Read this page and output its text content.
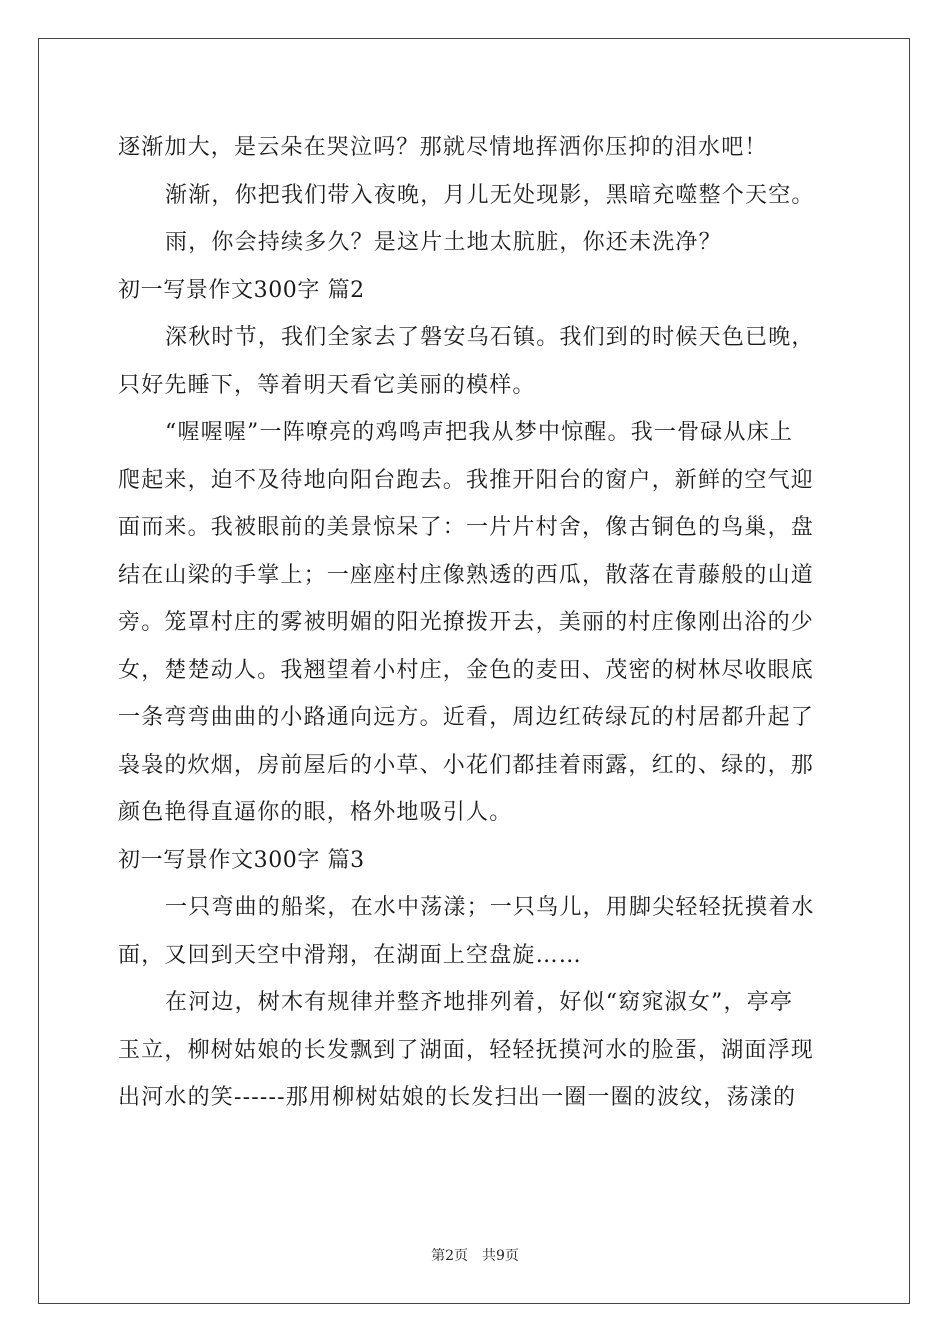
逐渐加大，是云朵在哭泣吗？那就尽情地挥洒你压抑的泪水吧！
渐渐，你把我们带入夜晚，月儿无处现影，黑暗充噬整个天空。
雨，你会持续多久？是这片土地太肮脏，你还未洗净？
初一写景作文300字 篇2
深秋时节，我们全家去了磐安乌石镇。我们到的时候天色已晚，
只好先睡下，等着明天看它美丽的模样。
“喔喔喔”一阵嘹亮的鸡鸣声把我从梦中惊醒。我一骨碌从床上
爬起来，迫不及待地向阳台跑去。我推开阳台的窗户，新鲜的空气迎
面而来。我被眼前的美景惊呆了：一片片村舍，像古铜色的鸟巢，盘
结在山梁的手掌上；一座座村庄像熟透的西瓜，散落在青藤般的山道
旁。笼罩村庄的雾被明媚的阳光撩拨开去，美丽的村庄像刚出浴的少
女，楚楚动人。我翘望着小村庄，金色的麦田、茂密的树林尽收眼底
一条弯弯曲曲的小路通向远方。近看，周边红砖绿瓦的村居都升起了
袅袅的炊烟，房前屋后的小草、小花们都挂着雨露，红的、绿的，那
颜色艳得直逼你的眼，格外地吸引人。
初一写景作文300字 篇3
一只弯曲的船桨，在水中荡漾；一只鸟儿，用脚尖轻轻抚摸着水
面，又回到天空中滑翔，在湖面上空盘旋……
在河边，树木有规律并整齐地排列着，好似“窈窕淑女”，亭亭
玉立，柳树姑娘的长发飘到了湖面，轻轻抚摸河水的脸蛋，湖面浮现
出河水的笑------那用柳树姑娘的长发扫出一圈一圈的波纹，荡漾的
第2页 共9页
